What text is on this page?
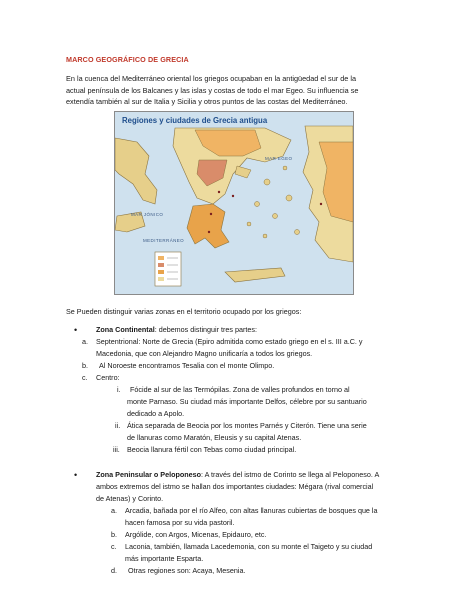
MARCO GEOGRÁFICO DE GRECIA
En la cuenca del Mediterráneo oriental los griegos ocupaban en la antigüedad el sur de la
actual península de los Balcanes y las islas y costas de todo el mar Egeo. Su influencia se
extendía también al sur de Italia y Sicilia y otros puntos de las costas del Mediterráneo.
Regiones y ciudades de Grecia antigua
MAR JÓNICO
MEDITERRÁNEO
MAR EGEO
Se Pueden distinguir varias zonas en el territorio ocupado por los griegos:
•	Zona Continental: debemos distinguir tres partes:
a. Septentrional: Norte de Grecia (Epiro admitida como estado griego en el s. III a.C. y
Macedonia, que con Alejandro Magno unificaría a todos los griegos.
b. Al Noroeste encontramos Tesalia con el monte Olimpo.
c. Centro:
i. Fócide al sur de las Termópilas. Zona de valles profundos en torno al
monte Parnaso. Su ciudad más importante Delfos, célebre por su santuario
dedicado a Apolo.
ii. Ática separada de Beocia por los montes Parnés y Citerón. Tiene una serie
de llanuras como Maratón, Eleusis y su capital Atenas.
iii. Beocia llanura fértil con Tebas como ciudad principal.
•	Zona Peninsular o Peloponeso: A través del istmo de Corinto se llega al Peloponeso. A
ambos extremos del istmo se hallan dos importantes ciudades: Mégara (rival comercial
de Atenas) y Corinto.
a. Arcadia, bañada por el río Alfeo, con altas llanuras cubiertas de bosques que la
hacen famosa por su vida pastoril.
b. Argólide, con Argos, Micenas, Epidauro, etc.
c. Laconia, también, llamada Lacedemonia, con su monte el Taigeto y su ciudad
más importante Esparta.
d. Otras regiones son: Acaya, Mesenia.
